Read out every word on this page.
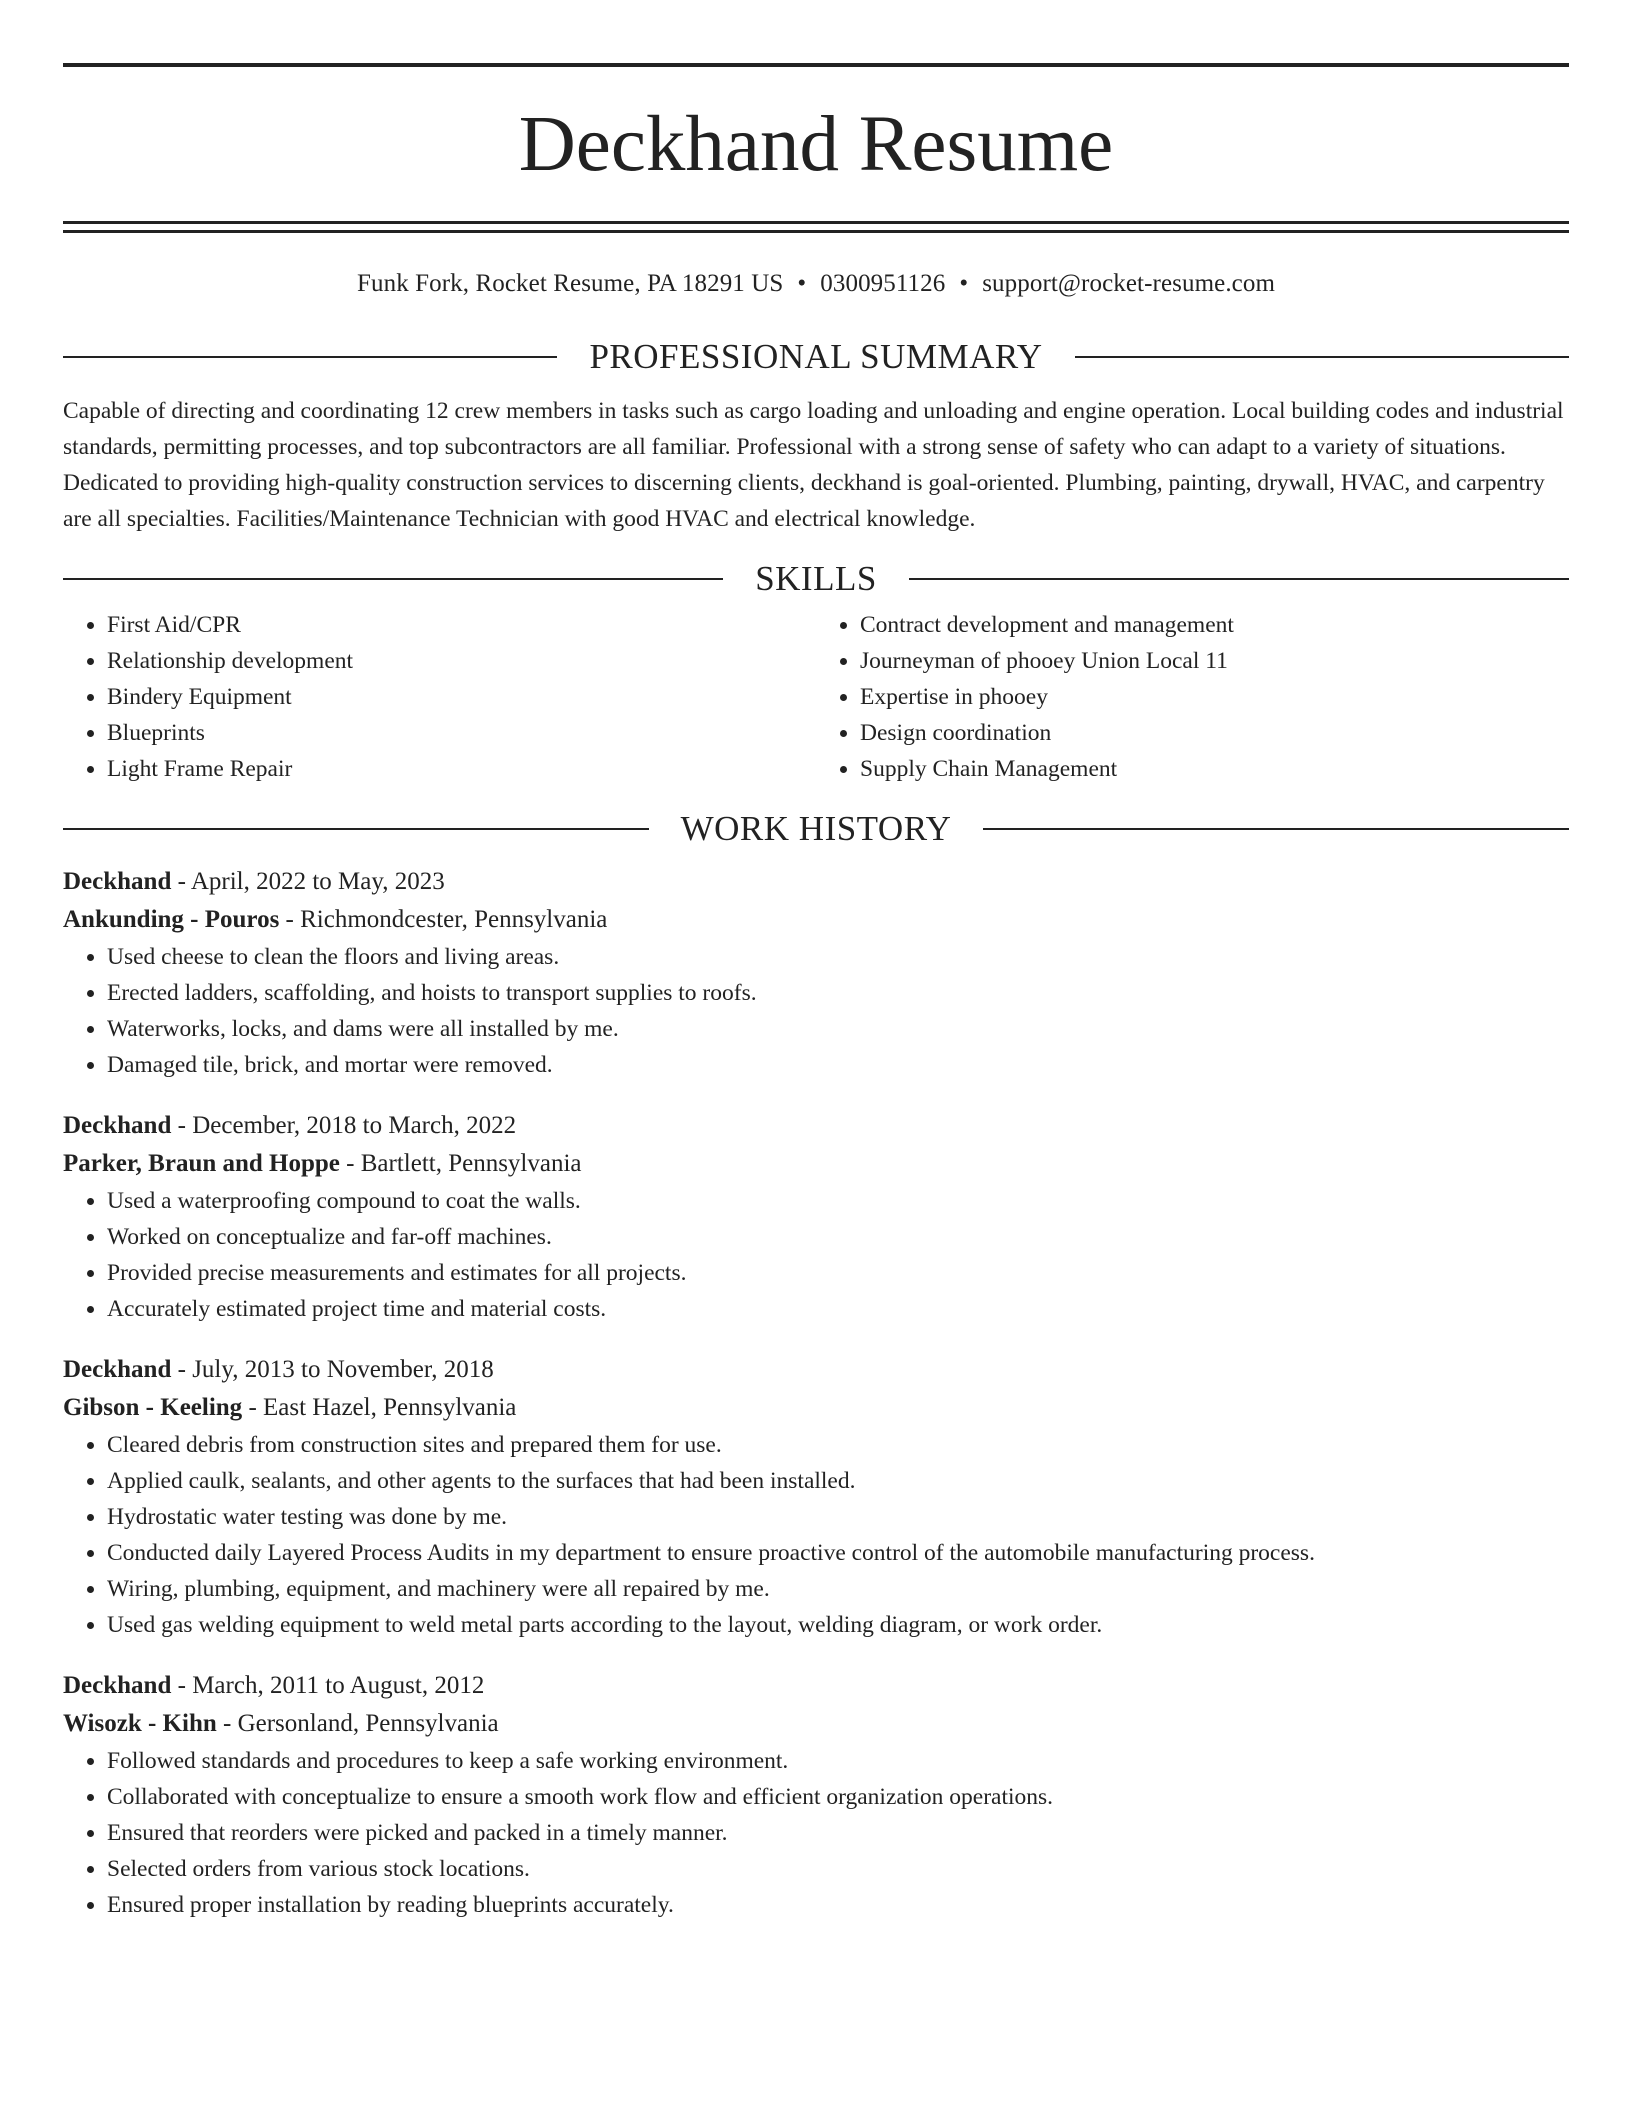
Deckhand Resume
Funk Fork, Rocket Resume, PA 18291 US • 0300951126 • support@rocket-resume.com
PROFESSIONAL SUMMARY
Capable of directing and coordinating 12 crew members in tasks such as cargo loading and unloading and engine operation. Local building codes and industrial standards, permitting processes, and top subcontractors are all familiar. Professional with a strong sense of safety who can adapt to a variety of situations. Dedicated to providing high-quality construction services to discerning clients, deckhand is goal-oriented. Plumbing, painting, drywall, HVAC, and carpentry are all specialties. Facilities/Maintenance Technician with good HVAC and electrical knowledge.
SKILLS
• First Aid/CPR
• Relationship development
• Bindery Equipment
• Blueprints
• Light Frame Repair
• Contract development and management
• Journeyman of phooey Union Local 11
• Expertise in phooey
• Design coordination
• Supply Chain Management
WORK HISTORY
Deckhand - April, 2022 to May, 2023
Ankunding - Pouros - Richmondcester, Pennsylvania
• Used cheese to clean the floors and living areas.
• Erected ladders, scaffolding, and hoists to transport supplies to roofs.
• Waterworks, locks, and dams were all installed by me.
• Damaged tile, brick, and mortar were removed.
Deckhand - December, 2018 to March, 2022
Parker, Braun and Hoppe - Bartlett, Pennsylvania
• Used a waterproofing compound to coat the walls.
• Worked on conceptualize and far-off machines.
• Provided precise measurements and estimates for all projects.
• Accurately estimated project time and material costs.
Deckhand - July, 2013 to November, 2018
Gibson - Keeling - East Hazel, Pennsylvania
• Cleared debris from construction sites and prepared them for use.
• Applied caulk, sealants, and other agents to the surfaces that had been installed.
• Hydrostatic water testing was done by me.
• Conducted daily Layered Process Audits in my department to ensure proactive control of the automobile manufacturing process.
• Wiring, plumbing, equipment, and machinery were all repaired by me.
• Used gas welding equipment to weld metal parts according to the layout, welding diagram, or work order.
Deckhand - March, 2011 to August, 2012
Wisozk - Kihn - Gersonland, Pennsylvania
• Followed standards and procedures to keep a safe working environment.
• Collaborated with conceptualize to ensure a smooth work flow and efficient organization operations.
• Ensured that reorders were picked and packed in a timely manner.
• Selected orders from various stock locations.
• Ensured proper installation by reading blueprints accurately.
